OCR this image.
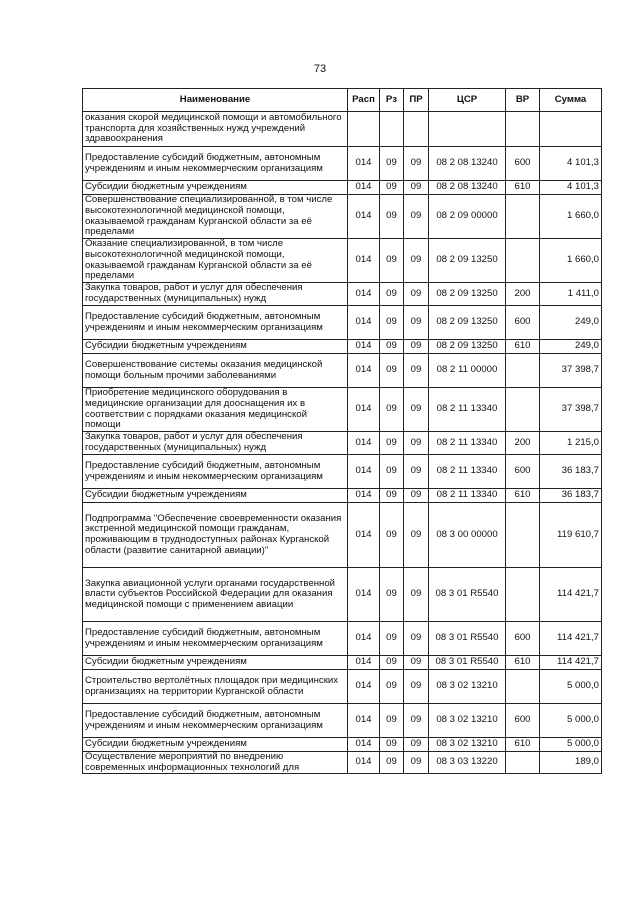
73
Наименование	Расп	Рз	ПР	ЦСР	ВР	Сумма
оказания скорой медицинской помощи и автомобильного транспорта для хозяйственных нужд учреждений здравоохранения						
Предоставление субсидий бюджетным, автономным учреждениям и иным некоммерческим организациям	014	09	09	08 2 08 13240	600	4 101,3
Субсидии бюджетным учреждениям	014	09	09	08 2 08 13240	610	4 101,3
Совершенствование специализированной, в том числе высокотехнологичной медицинской помощи, оказываемой гражданам Курганской области за её пределами	014	09	09	08 2 09 00000		1 660,0
Оказание специализированной, в том числе высокотехнологичной медицинской помощи, оказываемой гражданам Курганской области за её пределами	014	09	09	08 2 09 13250		1 660,0
Закупка товаров, работ и услуг для обеспечения государственных (муниципальных) нужд	014	09	09	08 2 09 13250	200	1 411,0
Предоставление субсидий бюджетным, автономным учреждениям и иным некоммерческим организациям	014	09	09	08 2 09 13250	600	249,0
Субсидии бюджетным учреждениям	014	09	09	08 2 09 13250	610	249,0
Совершенствование системы оказания медицинской помощи больным прочими заболеваниями	014	09	09	08 2 11 00000		37 398,7
Приобретение медицинского оборудования в медицинские организации для дооснащения их в соответствии с порядками оказания медицинской помощи	014	09	09	08 2 11 13340		37 398,7
Закупка товаров, работ и услуг для обеспечения государственных (муниципальных) нужд	014	09	09	08 2 11 13340	200	1 215,0
Предоставление субсидий бюджетным, автономным учреждениям и иным некоммерческим организациям	014	09	09	08 2 11 13340	600	36 183,7
Субсидии бюджетным учреждениям	014	09	09	08 2 11 13340	610	36 183,7
Подпрограмма "Обеспечение своевременности оказания экстренной медицинской помощи гражданам, проживающим в труднодоступных районах Курганской области (развитие санитарной авиации)"	014	09	09	08 3 00 00000		119 610,7
Закупка авиационной услуги органами государственной власти субъектов Российской Федерации для оказания медицинской помощи с применением авиации	014	09	09	08 3 01 R5540		114 421,7
Предоставление субсидий бюджетным, автономным учреждениям и иным некоммерческим организациям	014	09	09	08 3 01 R5540	600	114 421,7
Субсидии бюджетным учреждениям	014	09	09	08 3 01 R5540	610	114 421,7
Строительство вертолётных площадок при медицинских организациях на территории Курганской области	014	09	09	08 3 02 13210		5 000,0
Предоставление субсидий бюджетным, автономным учреждениям и иным некоммерческим организациям	014	09	09	08 3 02 13210	600	5 000,0
Субсидии бюджетным учреждениям	014	09	09	08 3 02 13210	610	5 000,0
Осуществление мероприятий по внедрению современных информационных технологий для	014	09	09	08 3 03 13220		189,0
